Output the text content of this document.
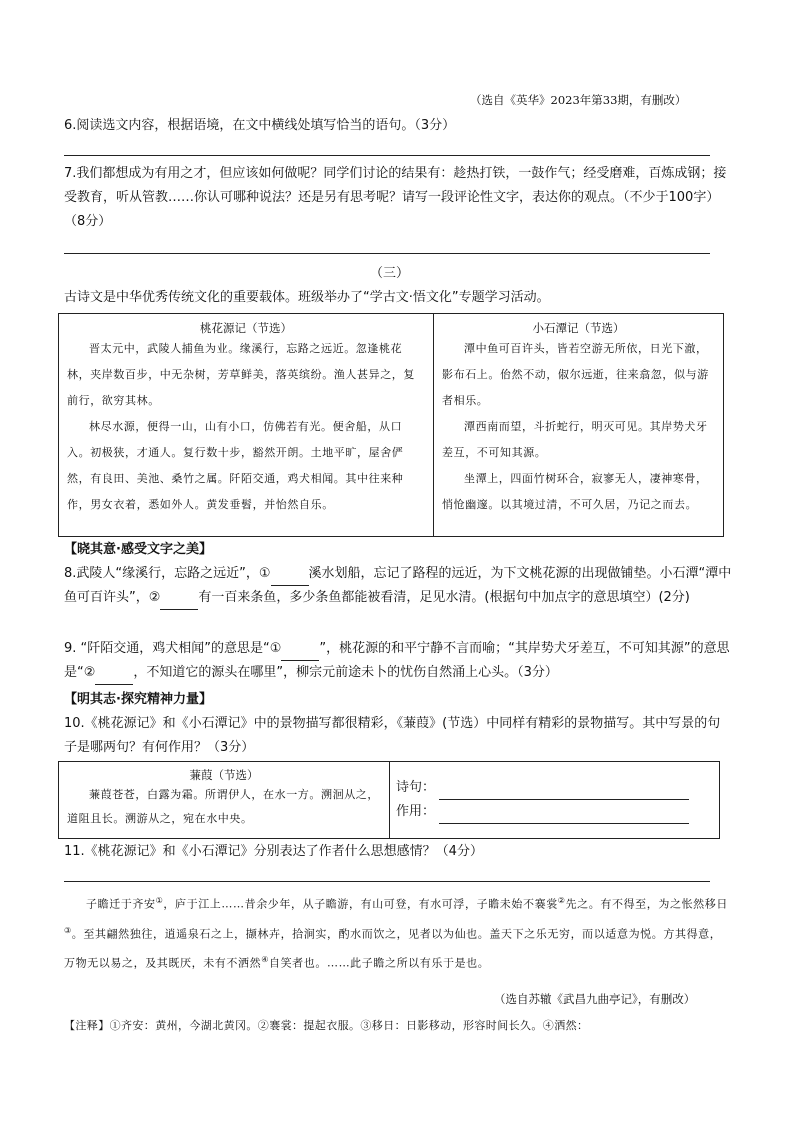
（选自《英华》2023年第33期，有删改）
6.阅读选文内容，根据语境，在文中横线处填写恰当的语句。（3分）
7.我们都想成为有用之才，但应该如何做呢？同学们讨论的结果有：趁热打铁，一鼓作气；经受磨难，百炼成钢；接受教育，听从管教……你认可哪种说法？还是另有思考呢？请写一段评论性文字，表达你的观点。（不少于100字）（8分）
（三）
古诗文是中华优秀传统文化的重要载体。班级举办了“学古文·悟文化”专题学习活动。
桃花源记（节选）
晋太元中，武陵人捕鱼为业。缘溪行，忘路之远近。忽逢桃花林，夹岸数百步，中无杂树，芳草鲜美，落英缤纷。渔人甚异之，复前行，欲穷其林。
林尽水源，便得一山，山有小口，仿佛若有光。便舍船，从口入。初极狭，才通人。复行数十步，豁然开朗。土地平旷，屋舍俨然，有良田、美池、桑竹之属。阡陌交通，鸡犬相闻。其中往来种作，男女衣着，悉如外人。黄发垂髫，并怡然自乐。

小石潭记（节选）
潭中鱼可百许头，皆若空游无所依，日光下澈，影布石上。佁然不动，俶尔远逝，往来翕忽，似与游者相乐。
潭西南而望，斗折蛇行，明灭可见。其岸势犬牙差互，不可知其源。
坐潭上，四面竹树环合，寂寥无人，凄神寒骨，悄怆幽邃。以其境过清，不可久居，乃记之而去。
【晓其意·感受文字之美】
8.武陵人“缘溪行，忘路之远近”，①	溪水划船，忘记了路程的远近，为下文桃花源的出现做铺垫。小石潭“潭中鱼可百许头”，②	有一百来条鱼，多少条鱼都能被看清，足见水清。(根据句中加点字的意思填空）(2分)
9. “阡陌交通，鸡犬相闻”的意思是“①	”，桃花源的和平宁静不言而喻；“其岸势犬牙差互，不可知其源”的意思是“②	，不知道它的源头在哪里”，柳宗元前途未卜的忧伤自然涌上心头。（3分）
【明其志·探究精神力量】
10.《桃花源记》和《小石潭记》中的景物描写都很精彩，《蒹葭》(节选）中同样有精彩的景物描写。其中写景的句子是哪两句？有何作用？（3分）
蒹葭（节选）
蒹葭苍苍，白露为霜。所谓伊人，在水一方。溯洄从之，道阻且长。溯游从之，宛在水中央。

诗句：
作用：
11.《桃花源记》和《小石潭记》分别表达了作者什么思想感情？（4分）
子瞻迁于齐安①，庐于江上……昔余少年，从子瞻游，有山可登，有水可浮，子瞻未始不褰裳②先之。有不得至，为之怅然移日③。至其翩然独往，逍遥泉石之上，撷林卉，拾涧实，酌水而饮之，见者以为仙也。盖天下之乐无穷，而以适意为悦。方其得意，万物无以易之，及其既厌，未有不洒然④自笑者也。……此子瞻之所以有乐于是也。
（选自苏辙《武昌九曲亭记》，有删改）
【注释】①齐安：黄州，今湖北黄冈。②褰裳：提起衣服。③移日：日影移动，形容时间长久。④洒然：
